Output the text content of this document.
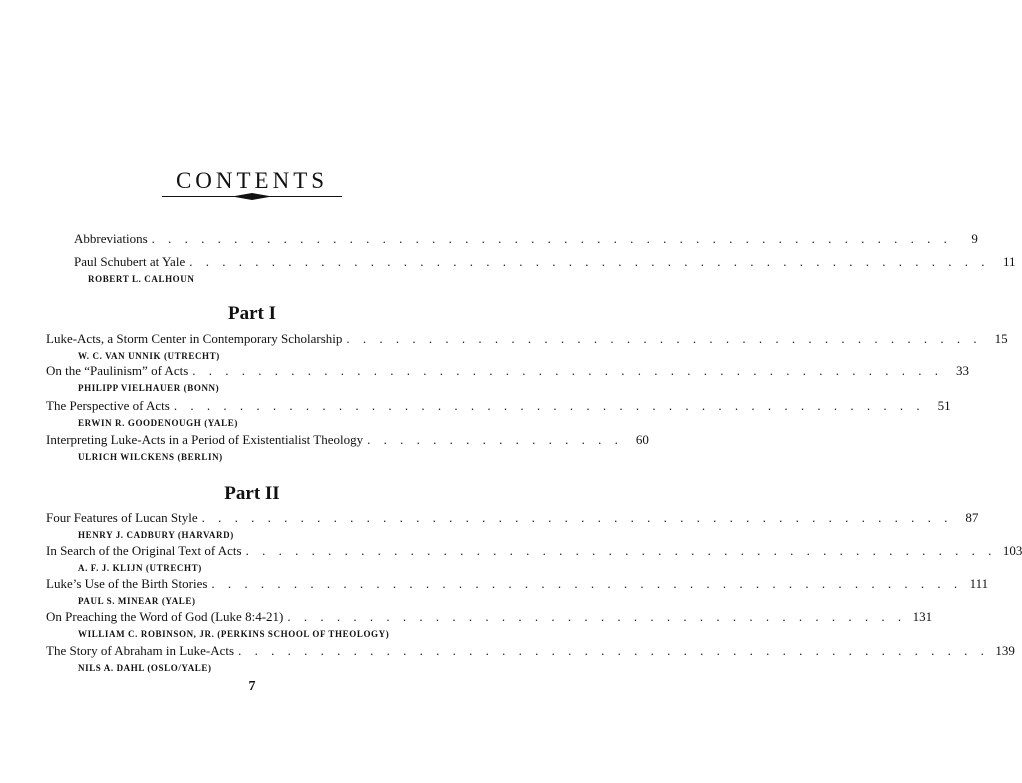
CONTENTS
Abbreviations . . . . . . . . . . . . . . . . . . . . . . . . . . . . . . . . . . . . . . . . . . . . . . . . .	9
Paul Schubert at Yale . . . . . . . . . . . . . . . . . . . . . . . . . . . . . . . . . . . . . . . . . . . . . . . . .	11
ROBERT L. CALHOUN
Part I
Luke-Acts, a Storm Center in Contemporary Scholarship . . . . . . . . . . . . . . . . . . . . . . . . . . . . . . . . . . . . . . .	15
W. C. VAN UNNIK (UTRECHT)
On the “Paulinism” of Acts . . . . . . . . . . . . . . . . . . . . . . . . . . . . . . . . . . . . . . . . . . . . . .	33
PHILIPP VIELHAUER (BONN)
The Perspective of Acts . . . . . . . . . . . . . . . . . . . . . . . . . . . . . . . . . . . . . . . . . . . . . .	51
ERWIN R. GOODENOUGH (YALE)
Interpreting Luke-Acts in a Period of Existentialist Theology . . . . . . . . . . . . . . . .	60
ULRICH WILCKENS (BERLIN)
Part II
Four Features of Lucan Style . . . . . . . . . . . . . . . . . . . . . . . . . . . . . . . . . . . . . . . . . . . . . .	87
HENRY J. CADBURY (HARVARD)
In Search of the Original Text of Acts . . . . . . . . . . . . . . . . . . . . . . . . . . . . . . . . . . . . . . . . . . . . . . 103
A. F. J. KLIJN (UTRECHT)
Luke’s Use of the Birth Stories . . . . . . . . . . . . . . . . . . . . . . . . . . . . . . . . . . . . . . . . . . . . . . 111
PAUL S. MINEAR (YALE)
On Preaching the Word of God (Luke 8:4-21) . . . . . . . . . . . . . . . . . . . . . . . . . . . . . . . . . . . . . . 131
WILLIAM C. ROBINSON, JR. (PERKINS SCHOOL OF THEOLOGY)
The Story of Abraham in Luke-Acts . . . . . . . . . . . . . . . . . . . . . . . . . . . . . . . . . . . . . . . . . . . . . . 139
NILS A. DAHL (OSLO/YALE)
7
